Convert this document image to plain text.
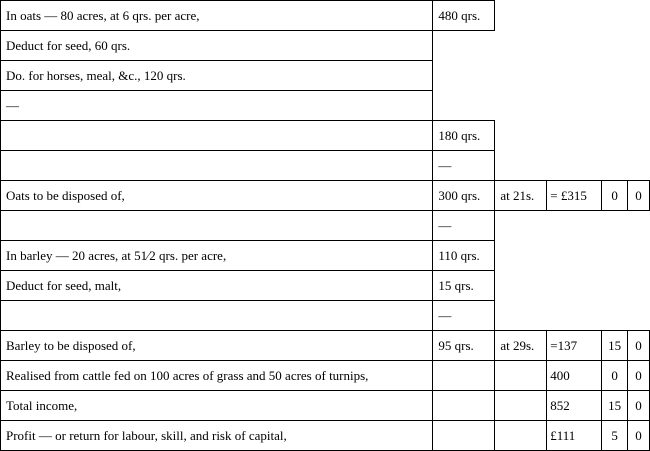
In oats — 80 acres, at 6 qrs. per acre,	480 qrs.				
Deduct for seed, 60 qrs.					
Do. for horses, meal, &c., 120 qrs.					
—					
	180 qrs.				
	—				
Oats to be disposed of,	300 qrs.	at 21s.	= £315	0	0
	—				
In barley — 20 acres, at 51⁄2 qrs. per acre,	110 qrs.				
Deduct for seed, malt,	15 qrs.				
	—				
Barley to be disposed of,	95 qrs.	at 29s.	=137	15	0
Realised from cattle fed on 100 acres of grass and 50 acres of turnips,			400	0	0
Total income,			852	15	0
Profit — or return for labour, skill, and risk of capital,			£111	5	0
